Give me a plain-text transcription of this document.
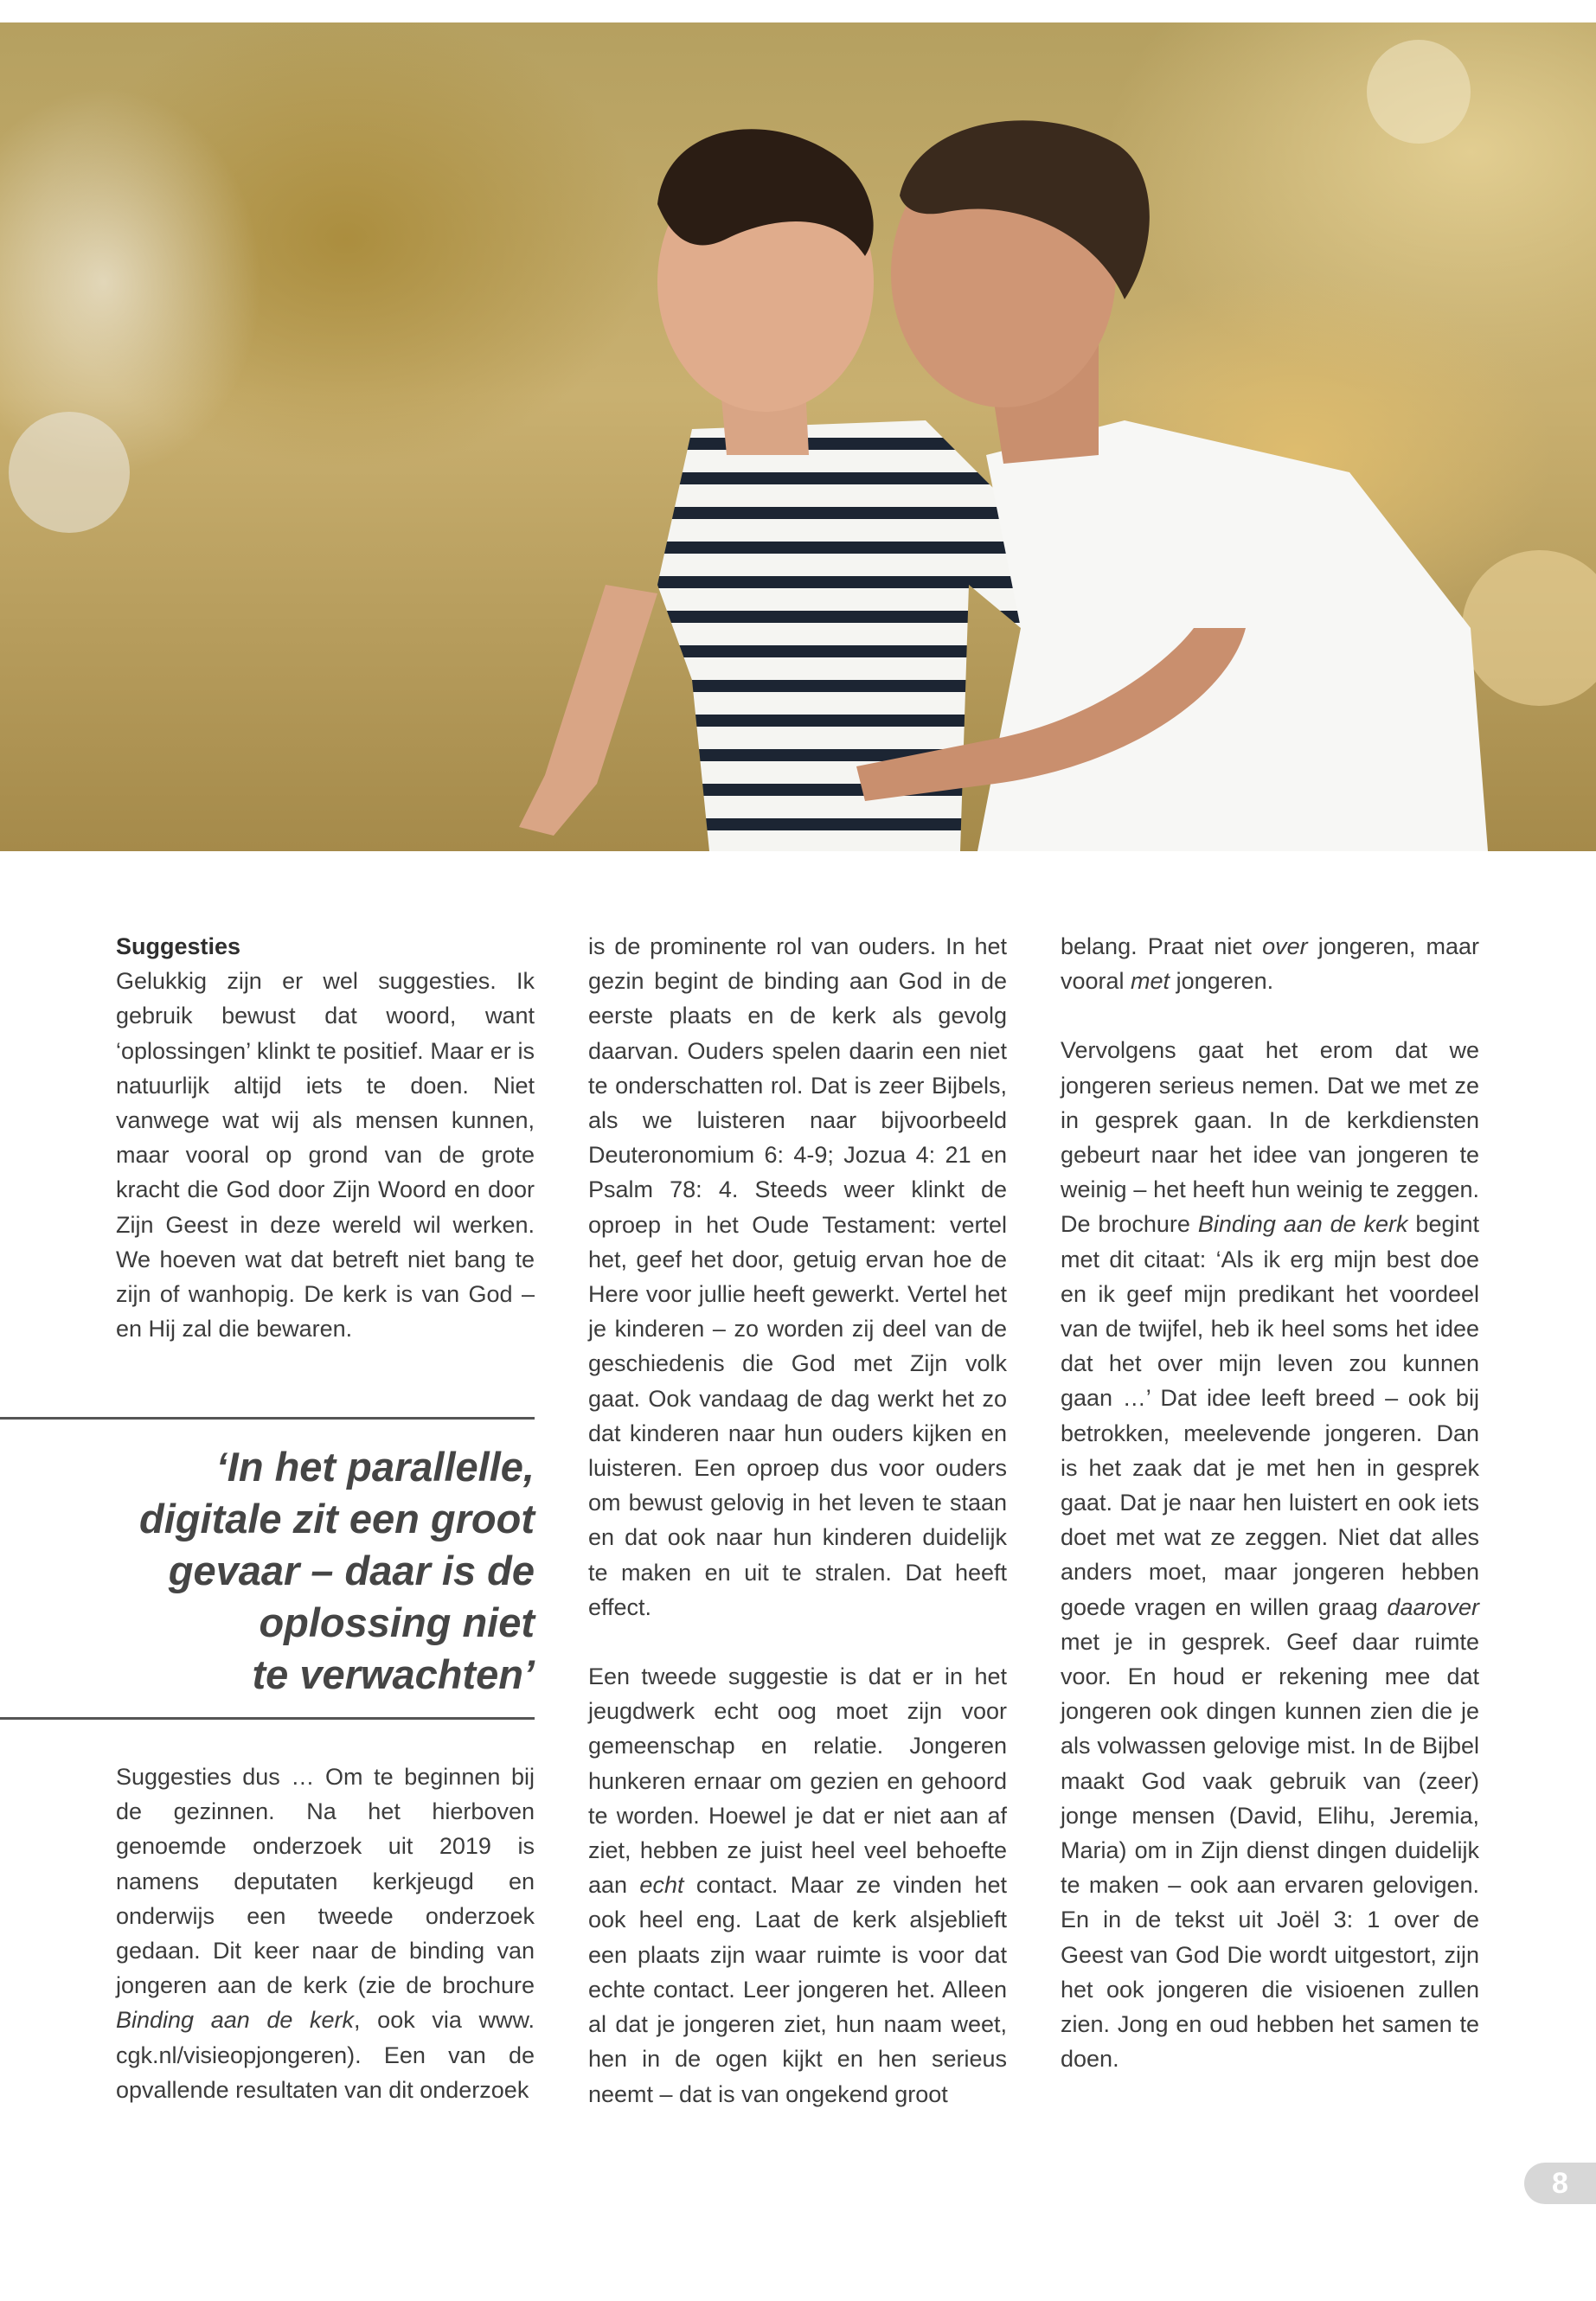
Suggesties

Gelukkig zijn er wel suggesties. Ik gebruik bewust dat woord, want ‘oplossingen’ klinkt te positief. Maar er is natuurlijk altijd iets te doen. Niet vanwege wat wij als mensen kunnen, maar vooral op grond van de grote kracht die God door Zijn Woord en door Zijn Geest in deze wereld wil werken. We hoeven wat dat betreft niet bang te zijn of wanhopig. De kerk is van God – en Hij zal die bewaren.

‘In het parallelle,
digitale zit een groot
gevaar – daar is de
oplossing niet
te verwachten’

Suggesties dus … Om te beginnen bij de gezinnen. Na het hierboven genoemde onderzoek uit 2019 is namens deputaten kerkjeugd en onderwijs een tweede onderzoek gedaan. Dit keer naar de binding van jongeren aan de kerk (zie de brochure Binding aan de kerk, ook via www. cgk.nl/visieopjongeren). Een van de opvallende resultaten van dit onderzoek

is de prominente rol van ouders. In het gezin begint de binding aan God in de eerste plaats en de kerk als gevolg daarvan. Ouders spelen daarin een niet te onderschatten rol. Dat is zeer Bijbels, als we luisteren naar bijvoorbeeld Deuteronomium 6: 4-9; Jozua 4: 21 en Psalm 78: 4. Steeds weer klinkt de oproep in het Oude Testament: vertel het, geef het door, getuig ervan hoe de Here voor jullie heeft gewerkt. Vertel het je kinderen – zo worden zij deel van de geschiedenis die God met Zijn volk gaat. Ook vandaag de dag werkt het zo dat kinderen naar hun ouders kijken en luisteren. Een oproep dus voor ouders om bewust gelovig in het leven te staan en dat ook naar hun kinderen duidelijk te maken en uit te stralen. Dat heeft effect.

Een tweede suggestie is dat er in het jeugdwerk echt oog moet zijn voor gemeenschap en relatie. Jongeren hunkeren ernaar om gezien en gehoord te worden. Hoewel je dat er niet aan af ziet, hebben ze juist heel veel behoefte aan echt contact. Maar ze vinden het ook heel eng. Laat de kerk alsjeblieft een plaats zijn waar ruimte is voor dat echte contact. Leer jongeren het. Alleen al dat je jongeren ziet, hun naam weet, hen in de ogen kijkt en hen serieus neemt – dat is van ongekend groot

belang. Praat niet over jongeren, maar vooral met jongeren.

Vervolgens gaat het erom dat we jongeren serieus nemen. Dat we met ze in gesprek gaan. In de kerkdiensten gebeurt naar het idee van jongeren te weinig – het heeft hun weinig te zeggen. De brochure Binding aan de kerk begint met dit citaat: ‘Als ik erg mijn best doe en ik geef mijn predikant het voordeel van de twijfel, heb ik heel soms het idee dat het over mijn leven zou kunnen gaan …’ Dat idee leeft breed – ook bij betrokken, meelevende jongeren. Dan is het zaak dat je met hen in gesprek gaat. Dat je naar hen luistert en ook iets doet met wat ze zeggen. Niet dat alles anders moet, maar jongeren hebben goede vragen en willen graag daarover met je in gesprek. Geef daar ruimte voor. En houd er rekening mee dat jongeren ook dingen kunnen zien die je als volwassen gelovige mist. In de Bijbel maakt God vaak gebruik van (zeer) jonge mensen (David, Elihu, Jeremia, Maria) om in Zijn dienst dingen duidelijk te maken – ook aan ervaren gelovigen. En in de tekst uit Joël 3: 1 over de Geest van God Die wordt uitgestort, zijn het ook jongeren die visioenen zullen zien. Jong en oud hebben het samen te doen.

8
